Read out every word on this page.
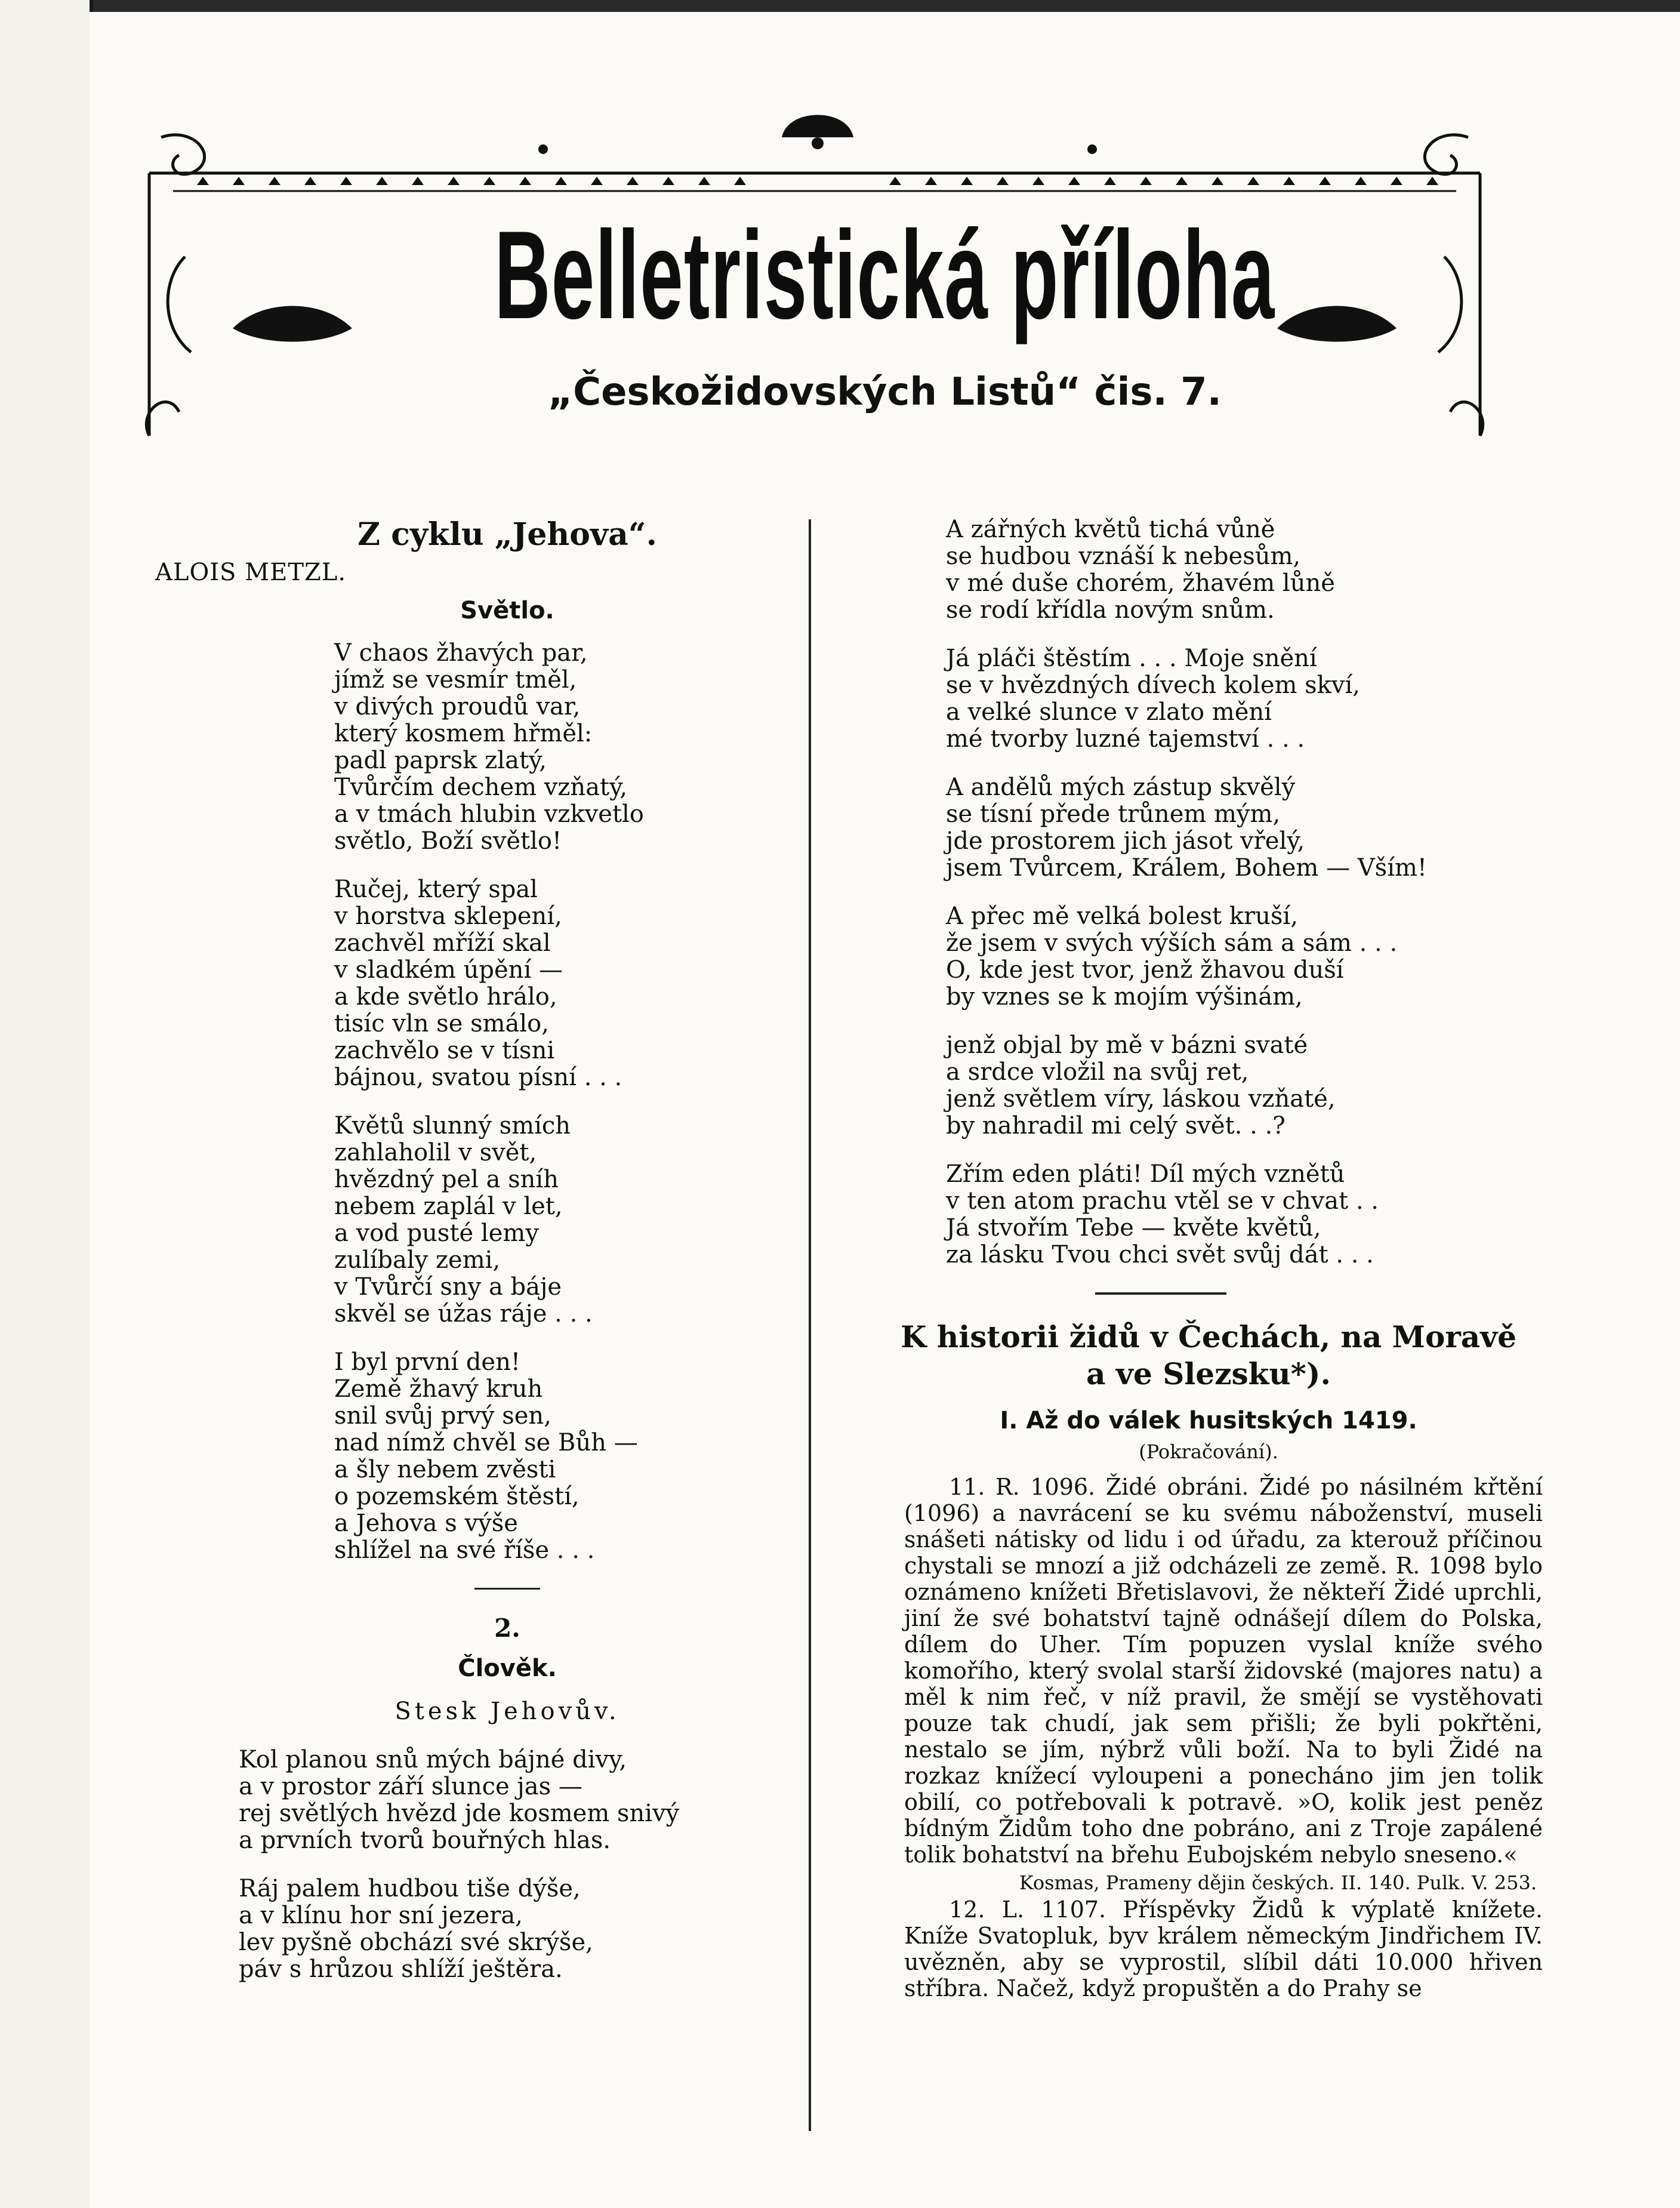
Belletristická příloha
„Českožidovských Listů“ čis. 7.

Z cyklu „Jehova“.

ALOIS METZL.

Světlo.

V chaos žhavých par,
jímž se vesmír tměl,
v divých proudů var,
který kosmem hřměl:
padl paprsk zlatý,
Tvůrčím dechem vzňatý,
a v tmách hlubin vzkvetlo
světlo, Boží světlo!
Ručej, který spal
v horstva sklepení,
zachvěl mříží skal
v sladkém úpění —
a kde světlo hrálo,
tisíc vln se smálo,
zachvělo se v tísni
bájnou, svatou písní . . .
Květů slunný smích
zahlaholil v svět,
hvězdný pel a sníh
nebem zaplál v let,
a vod pusté lemy
zulíbaly zemi,
v Tvůrčí sny a báje
skvěl se úžas ráje . . .
I byl první den!
Země žhavý kruh
snil svůj prvý sen,
nad nímž chvěl se Bůh —
a šly nebem zvěsti
o pozemském štěstí,
a Jehova s výše
shlížel na své říše . . .

2.

Člověk.

Stesk Jehovův.

Kol planou snů mých bájné divy,
a v prostor září slunce jas —
rej světlých hvězd jde kosmem snivý
a prvních tvorů bouřných hlas.
Ráj palem hudbou tiše dýše,
a v klínu hor sní jezera,
lev pyšně obchází své skrýše,
páv s hrůzou shlíží ještěra.
A zářných květů tichá vůně
se hudbou vznáší k nebesům,
v mé duše chorém, žhavém lůně
se rodí křídla novým snům.
Já pláči štěstím . . . Moje snění
se v hvězdných dívech kolem skví,
a velké slunce v zlato mění
mé tvorby luzné tajemství . . .
A andělů mých zástup skvělý
se tísní přede trůnem mým,
jde prostorem jich jásot vřelý,
jsem Tvůrcem, Králem, Bohem — Vším!
A přec mě velká bolest kruší,
že jsem v svých výších sám a sám . . .
O, kde jest tvor, jenž žhavou duší
by vznes se k mojím výšinám,
jenž objal by mě v bázni svaté
a srdce vložil na svůj ret,
jenž světlem víry, láskou vzňaté,
by nahradil mi celý svět. . .?
Zřím eden pláti! Díl mých vznětů
v ten atom prachu vtěl se v chvat . .
Já stvořím Tebe — květe květů,
za lásku Tvou chci svět svůj dát . . .

K historii židů v Čechách, na Moravě
a ve Slezsku*).

I. Až do válek husitských 1419.

(Pokračování).

11. R. 1096. Židé obráni. Židé po násilném křtění (1096) a navrácení se ku svému náboženství, museli snášeti nátisky od lidu i od úřadu, za kterouž příčinou chystali se mnozí a již odcházeli ze země. R. 1098 bylo oznámeno knížeti Břetislavovi, že někteří Židé uprchli, jiní že své bohatství tajně odnášejí dílem do Polska, dílem do Uher. Tím popuzen vyslal kníže svého komořího, který svolal starší židovské (majores natu) a měl k nim řeč, v níž pravil, že smějí se vystěhovati pouze tak chudí, jak sem přišli; že byli pokřtěni, nestalo se jím, nýbrž vůli boží. Na to byli Židé na rozkaz knížecí vyloupeni a ponecháno jim jen tolik obilí, co potřebovali k potravě. »O, kolik jest peněz bídným Židům toho dne pobráno, ani z Troje zapálené tolik bohatství na břehu Eubojském nebylo sneseno.«

Kosmas, Prameny dějin českých. II. 140. Pulk. V. 253.

12. L. 1107. Příspěvky Židů k výplatě knížete. Kníže Svatopluk, byv králem německým Jindřichem IV. uvězněn, aby se vyprostil, slíbil dáti 10.000 hřiven stříbra. Načež, když propuštěn a do Prahy se
